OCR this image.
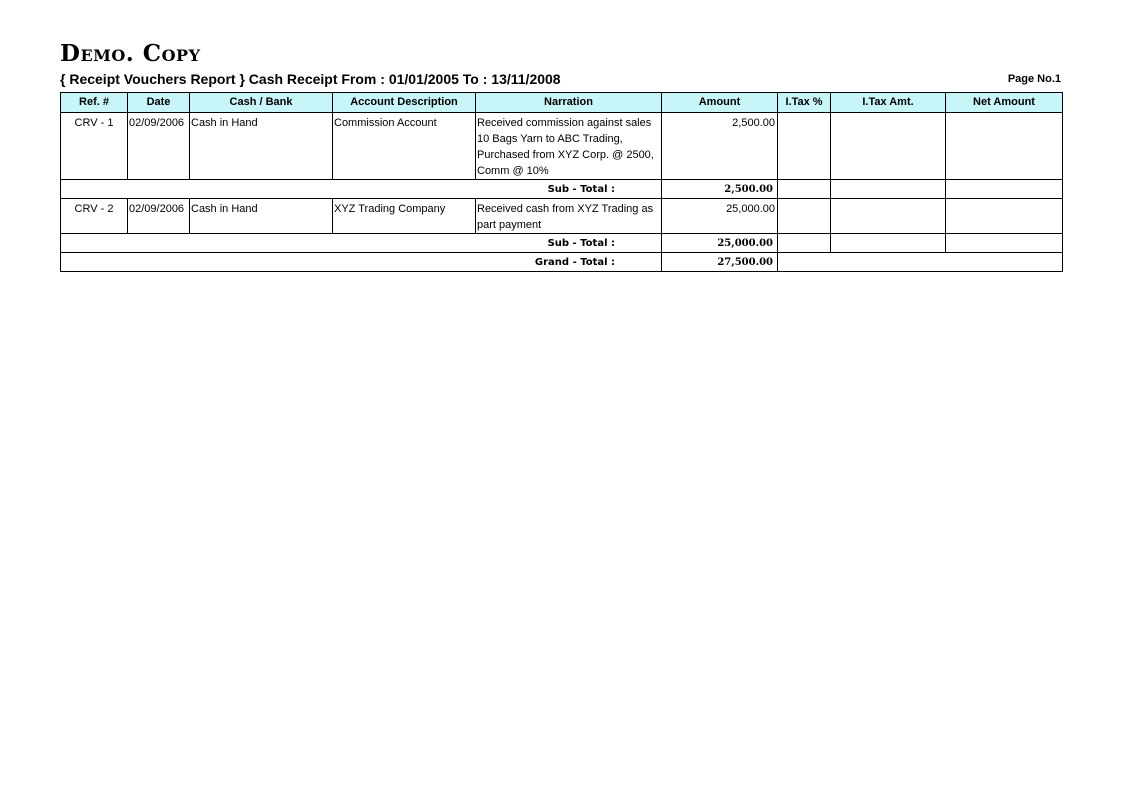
Demo. Copy
{ Receipt Vouchers Report } Cash Receipt From : 01/01/2005 To : 13/11/2008	Page No.1
Ref. #	Date	Cash / Bank	Account Description	Narration	Amount	I.Tax %	I.Tax Amt.	Net Amount
CRV - 1	02/09/2006	Cash in Hand	Commission Account	Received commission against sales 10 Bags Yarn to ABC Trading, Purchased from XYZ Corp. @ 2500, Comm @ 10%	2,500.00			
Sub - Total :					2,500.00			
CRV - 2	02/09/2006	Cash in Hand	XYZ Trading Company	Received cash from XYZ Trading as part payment	25,000.00			
Sub - Total :					25,000.00			
Grand - Total :					27,500.00			
